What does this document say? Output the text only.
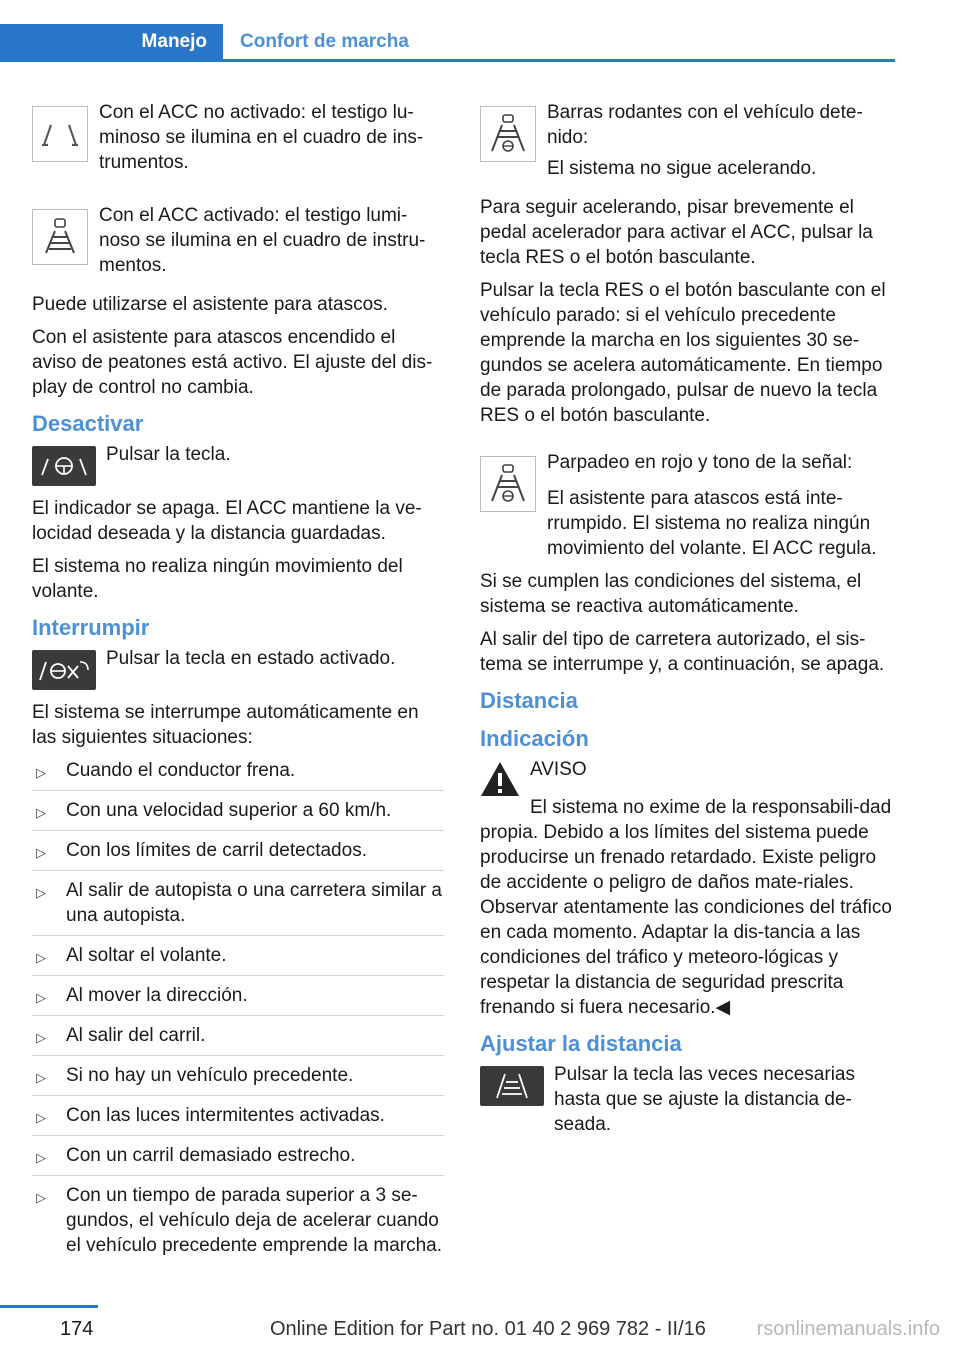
Manejo	Confort de marcha

Con el ACC no activado: el testigo lu-minoso se ilumina en el cuadro de ins-trumentos.

Con el ACC activado: el testigo lumi-noso se ilumina en el cuadro de instru-mentos.

Puede utilizarse el asistente para atascos.

Con el asistente para atascos encendido el aviso de peatones está activo. El ajuste del dis-play de control no cambia.

Desactivar

Pulsar la tecla.

El indicador se apaga. El ACC mantiene la ve-locidad deseada y la distancia guardadas.

El sistema no realiza ningún movimiento del volante.

Interrumpir

Pulsar la tecla en estado activado.

El sistema se interrumpe automáticamente en las siguientes situaciones:

▷ Cuando el conductor frena.
▷ Con una velocidad superior a 60 km/h.
▷ Con los límites de carril detectados.
▷ Al salir de autopista o una carretera similar a una autopista.
▷ Al soltar el volante.
▷ Al mover la dirección.
▷ Al salir del carril.
▷ Si no hay un vehículo precedente.
▷ Con las luces intermitentes activadas.
▷ Con un carril demasiado estrecho.
▷ Con un tiempo de parada superior a 3 se-gundos, el vehículo deja de acelerar cuando el vehículo precedente emprende la marcha.

Barras rodantes con el vehículo dete-nido:

El sistema no sigue acelerando.

Para seguir acelerando, pisar brevemente el pedal acelerador para activar el ACC, pulsar la tecla RES o el botón basculante.

Pulsar la tecla RES o el botón basculante con el vehículo parado: si el vehículo precedente emprende la marcha en los siguientes 30 se-gundos se acelera automáticamente. En tiempo de parada prolongado, pulsar de nuevo la tecla RES o el botón basculante.

Parpadeo en rojo y tono de la señal:

El asistente para atascos está inte-rrumpido. El sistema no realiza ningún movimiento del volante. El ACC regula.

Si se cumplen las condiciones del sistema, el sistema se reactiva automáticamente.

Al salir del tipo de carretera autorizado, el sis-tema se interrumpe y, a continuación, se apaga.

Distancia
Indicación

AVISO

El sistema no exime de la responsabili-dad propia. Debido a los límites del sistema puede producirse un frenado retardado. Existe peligro de accidente o peligro de daños mate-riales. Observar atentamente las condiciones del tráfico en cada momento. Adaptar la dis-tancia a las condiciones del tráfico y meteoro-lógicas y respetar la distancia de seguridad prescrita frenando si fuera necesario.◀

Ajustar la distancia

Pulsar la tecla las veces necesarias hasta que se ajuste la distancia de-seada.

174	Online Edition for Part no. 01 40 2 969 782 - II/16	rsonlinemanuals.info
